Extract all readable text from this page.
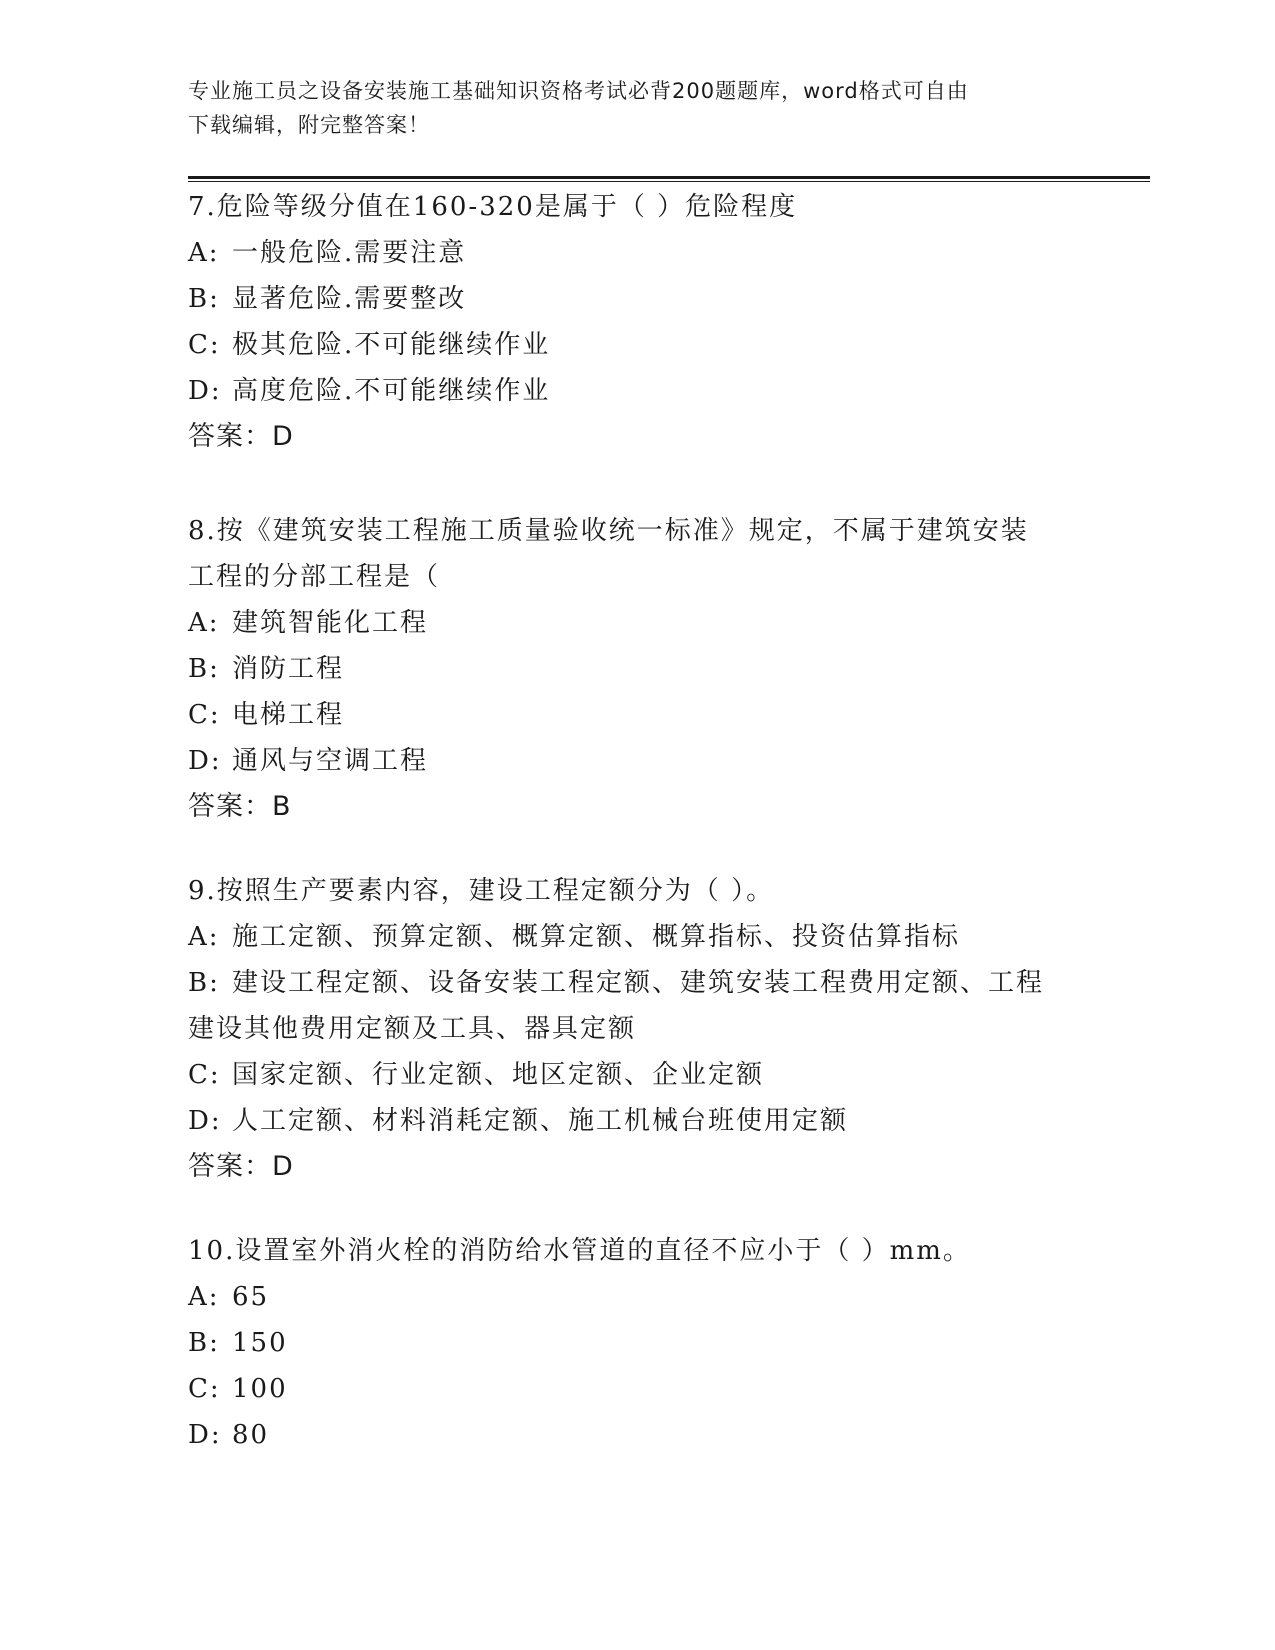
专业施工员之设备安装施工基础知识资格考试必背200题题库，word格式可自由
下载编辑，附完整答案！
7.危险等级分值在160-320是属于（ ）危险程度
A: 一般危险.需要注意
B: 显著危险.需要整改
C: 极其危险.不可能继续作业
D: 高度危险.不可能继续作业
答案：D
8.按《建筑安装工程施工质量验收统一标准》规定，不属于建筑安装
工程的分部工程是（
A: 建筑智能化工程
B: 消防工程
C: 电梯工程
D: 通风与空调工程
答案：B
9.按照生产要素内容，建设工程定额分为（ ）。
A: 施工定额、预算定额、概算定额、概算指标、投资估算指标
B: 建设工程定额、设备安装工程定额、建筑安装工程费用定额、工程
建设其他费用定额及工具、器具定额
C: 国家定额、行业定额、地区定额、企业定额
D: 人工定额、材料消耗定额、施工机械台班使用定额
答案：D
10.设置室外消火栓的消防给水管道的直径不应小于（ ）mm。
A: 65
B: 150
C: 100
D: 80
